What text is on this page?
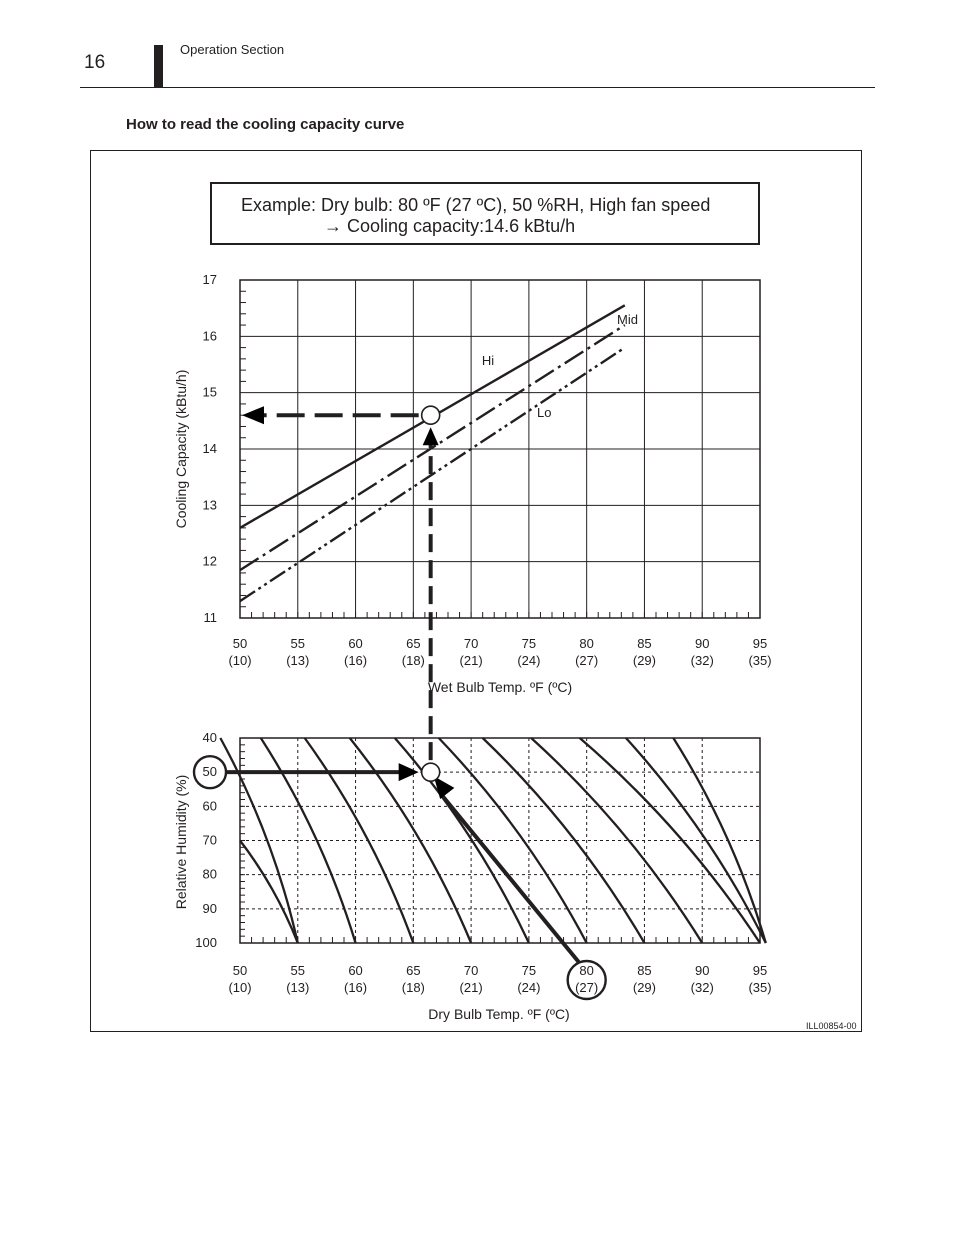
16
Operation Section
How to read the cooling capacity curve
Example: Dry bulb: 80 ºF (27 ºC), 50 %RH, High fan speed
→ Cooling capacity:14.6 kBtu/h
Hi
Mid
Lo
11
12
13
14
15
16
17
50
(10)
55
(13)
60
(16)
65
(18)
70
(21)
75
(24)
80
(27)
85
(29)
90
(32)
95
(35)
Wet Bulb Temp. ºF (ºC)
Cooling Capacity (kBtu/h)
40
50
60
70
80
90
100
50
(10)
55
(13)
60
(16)
65
(18)
70
(21)
75
(24)
80
(27)
85
(29)
90
(32)
95
(35)
Dry Bulb Temp. ºF (ºC)
Relative Humidity (%)
ILL00854-00
